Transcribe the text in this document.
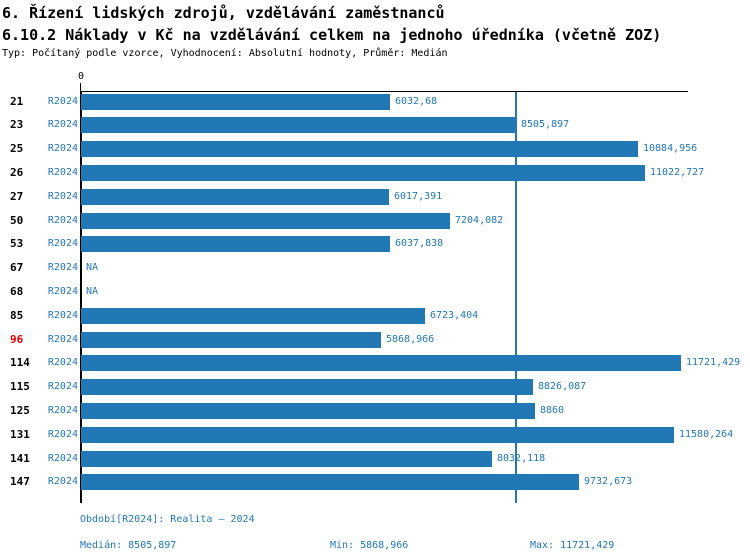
6. Řízení lidských zdrojů, vzdělávání zaměstnanců
6.10.2 Náklady v Kč na vzdělávání celkem na jednoho úředníka (včetně ZOZ)
Typ: Počítaný podle vzorce, Vyhodnocení: Absolutní hodnoty, Průměr: Medián
0
21	R2024	6032,68
23	R2024	8505,897
25	R2024	10884,956
26	R2024	11022,727
27	R2024	6017,391
50	R2024	7204,082
53	R2024	6037,838
67	R2024 NA
68	R2024 NA
85	R2024	6723,404
96	R2024	5868,966
114	R2024	11721,429
115	R2024	8826,087
125	R2024	8860
131	R2024	11580,264
141	R2024	8032,118
147	R2024	9732,673
Období[R2024]: Realita – 2024
Medián: 8505,897	Min: 5868,966	Max: 11721,429
